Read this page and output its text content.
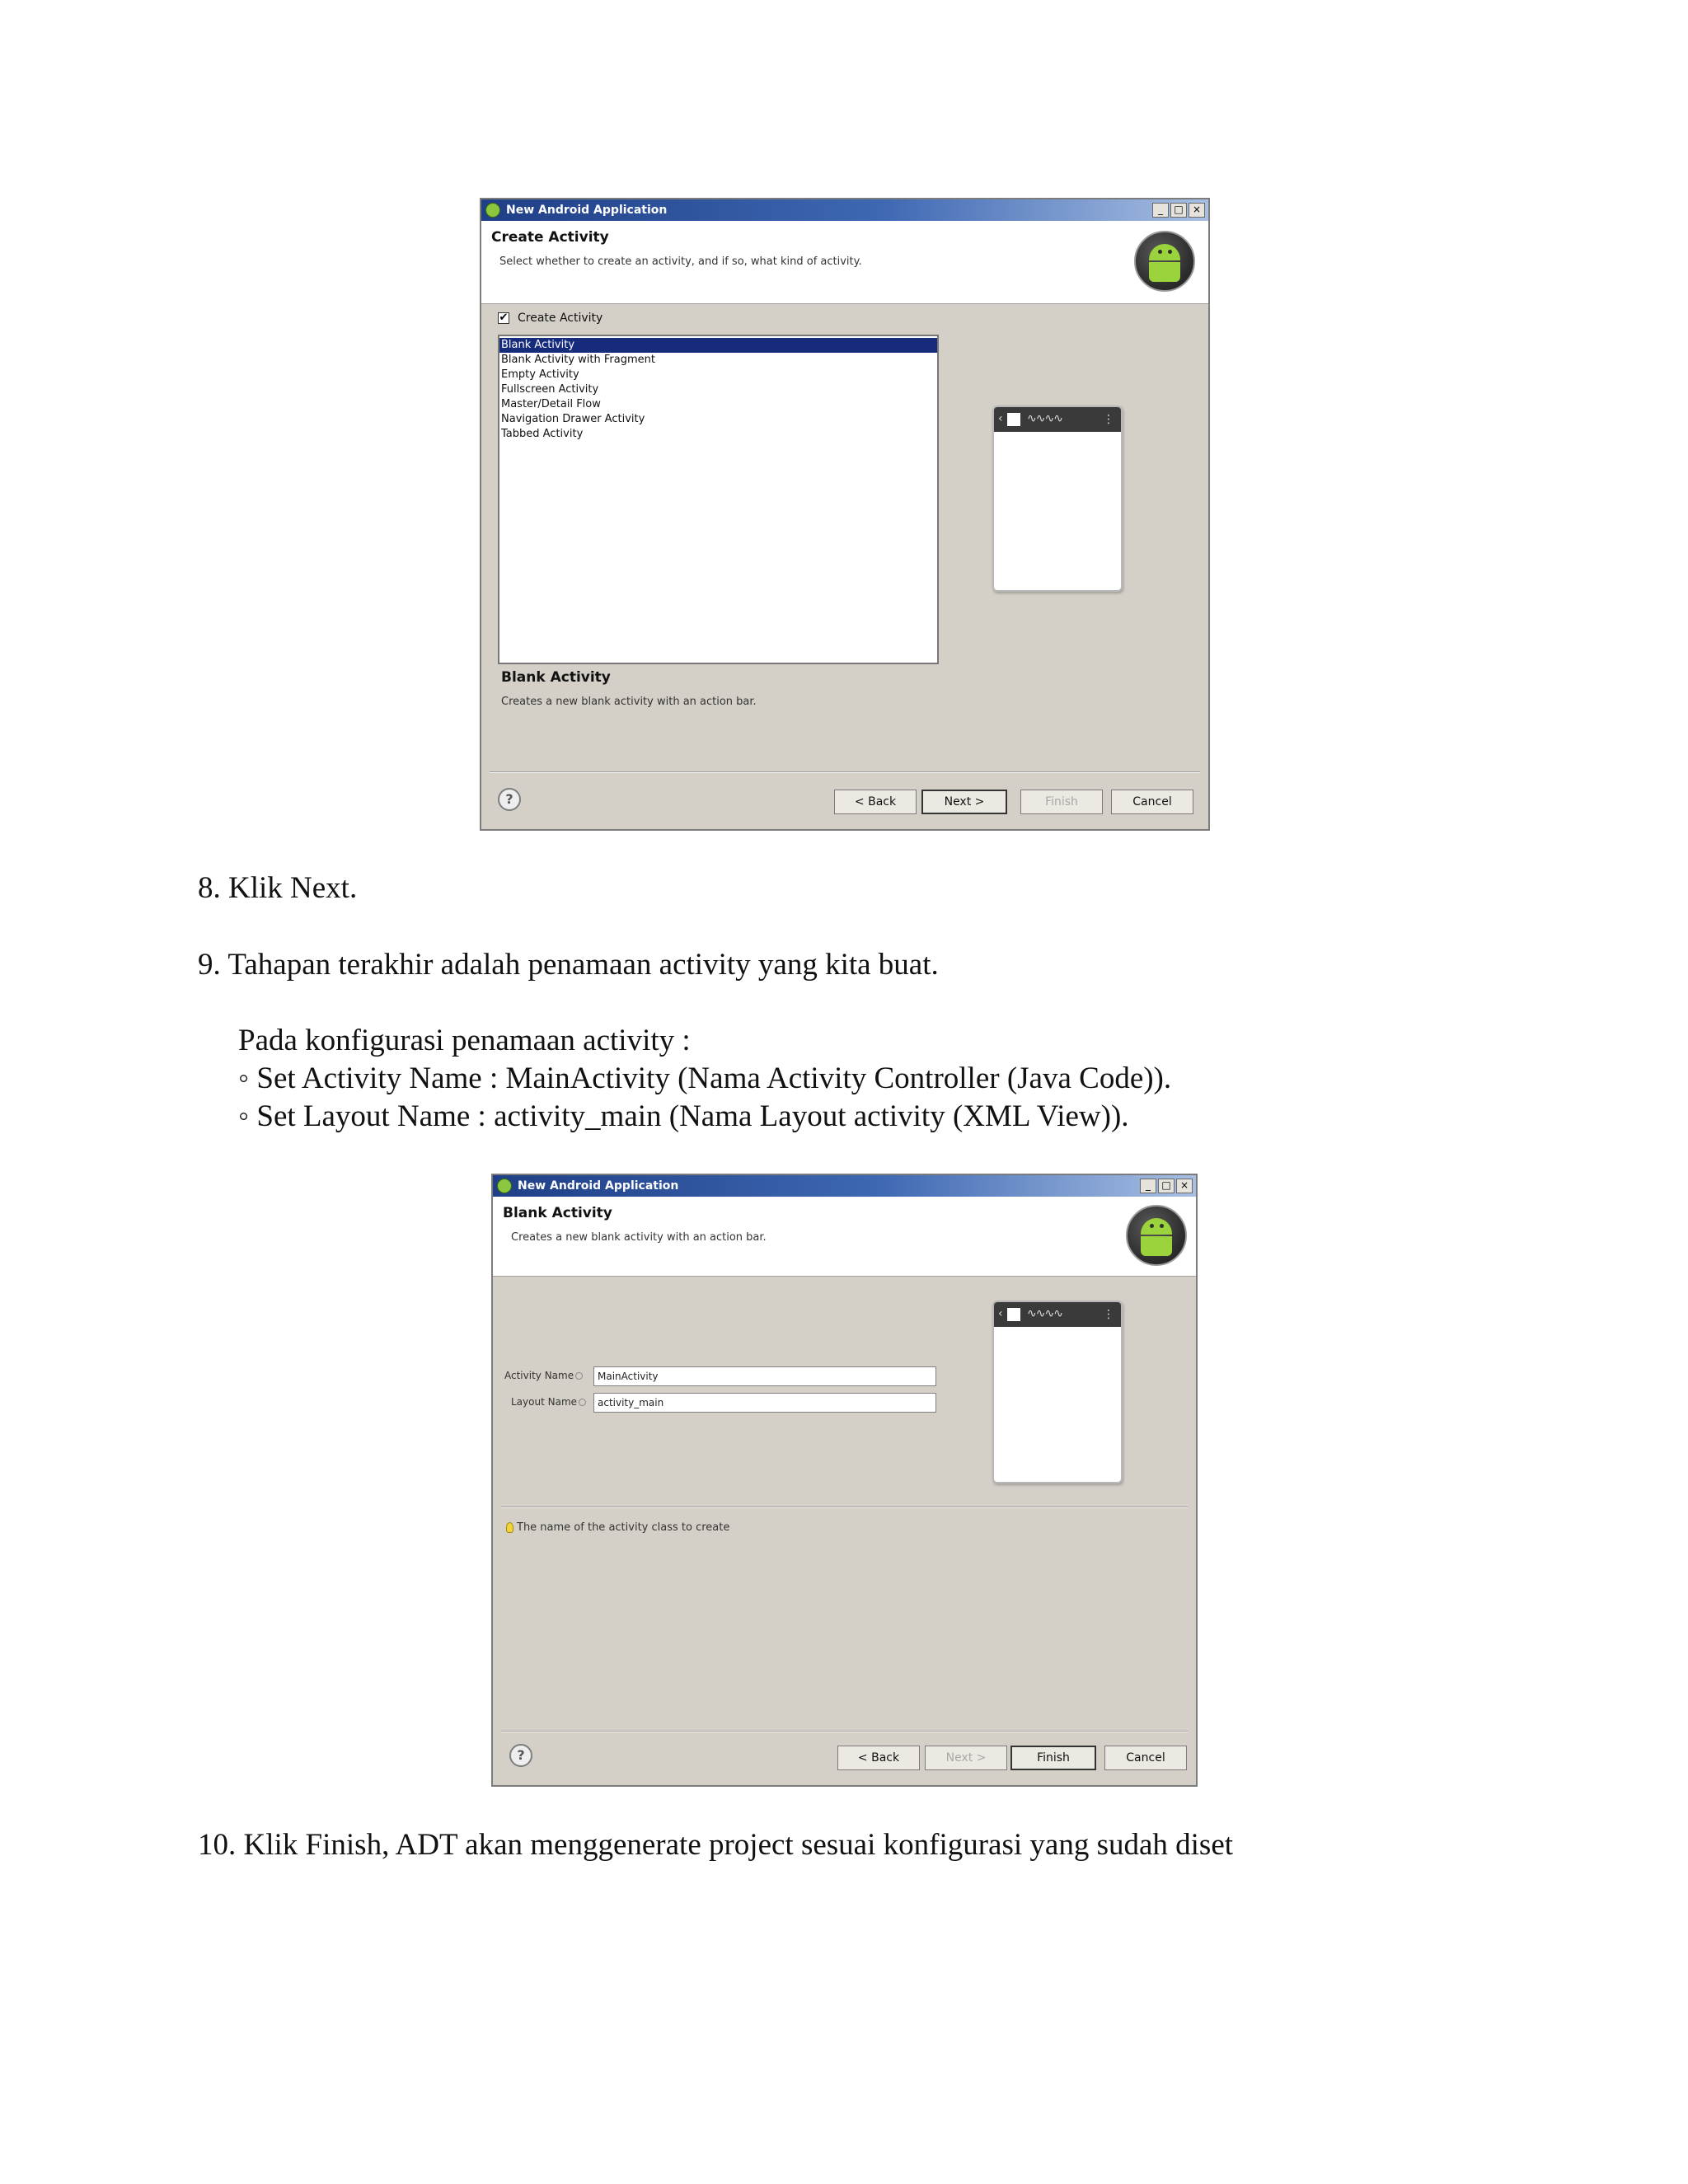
New Android Application	_	□ ×
Create Activity
Select whether to create an activity, and if so, what kind of activity.
✔ Create Activity
Blank Activity
Blank Activity with Fragment
Empty Activity
Fullscreen Activity
Master/Detail Flow
Navigation Drawer Activity
Tabbed Activity
‹ ∿∿∿∿	⋮
Blank Activity
Creates a new blank activity with an action bar.
?	< Back	Next >	Finish	Cancel
8. Klik Next.
9. Tahapan terakhir adalah penamaan activity yang kita buat.
Pada konfigurasi penamaan activity :
◦ Set Activity Name : MainActivity (Nama Activity Controller (Java Code)).
◦ Set Layout Name : activity_main (Nama Layout activity (XML View)).
New Android Application	_	□ ×
Blank Activity
Creates a new blank activity with an action bar.
‹ ∿∿∿∿	⋮
Activity Name	MainActivity
Layout Name	activity_main
The name of the activity class to create
?	< Back	Next >	Finish	Cancel
10. Klik Finish, ADT akan menggenerate project sesuai konfigurasi yang sudah diset
